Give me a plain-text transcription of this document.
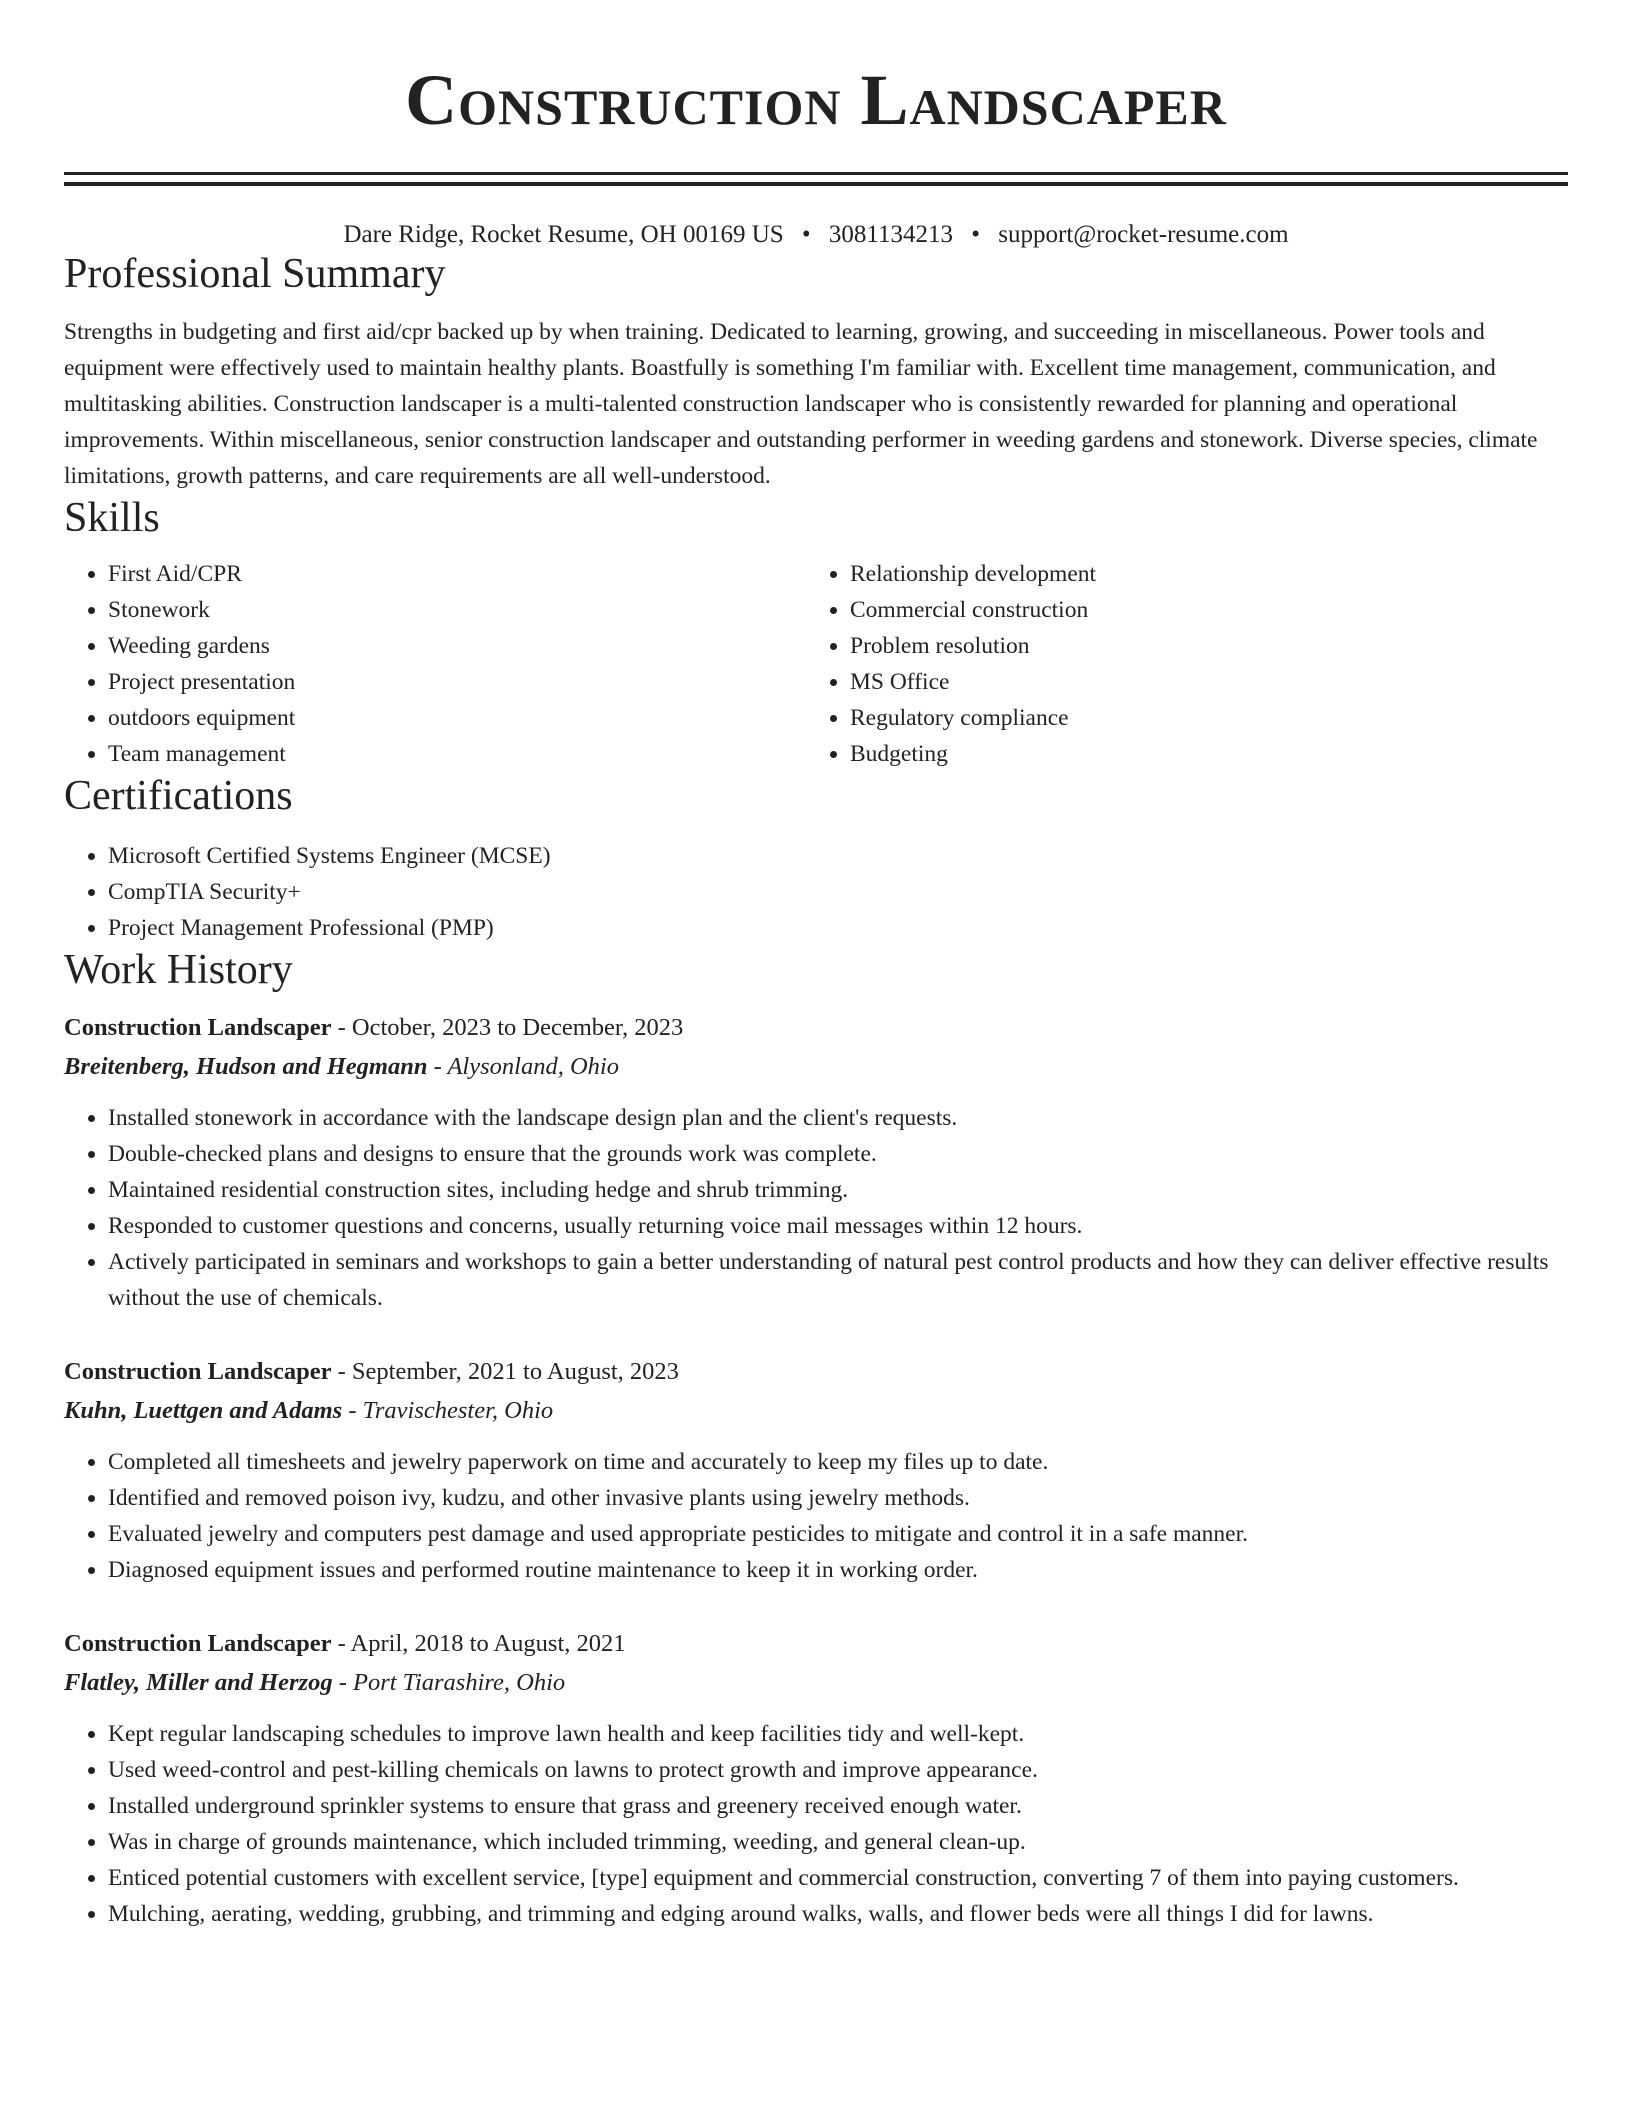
Construction Landscaper
Dare Ridge, Rocket Resume, OH 00169 US • 3081134213 • support@rocket-resume.com
Professional Summary

Strengths in budgeting and first aid/cpr backed up by when training. Dedicated to learning, growing, and succeeding in miscellaneous. Power tools and equipment were effectively used to maintain healthy plants. Boastfully is something I'm familiar with. Excellent time management, communication, and multitasking abilities. Construction landscaper is a multi-talented construction landscaper who is consistently rewarded for planning and operational improvements. Within miscellaneous, senior construction landscaper and outstanding performer in weeding gardens and stonework. Diverse species, climate limitations, growth patterns, and care requirements are all well-understood.

Skills
• First Aid/CPR
• Stonework
• Weeding gardens
• Project presentation
• outdoors equipment
• Team management
• Relationship development
• Commercial construction
• Problem resolution
• MS Office
• Regulatory compliance
• Budgeting
Certifications
• Microsoft Certified Systems Engineer (MCSE)
• CompTIA Security+
• Project Management Professional (PMP)
Work History
Construction Landscaper - October, 2023 to December, 2023
Breitenberg, Hudson and Hegmann - Alysonland, Ohio
• Installed stonework in accordance with the landscape design plan and the client's requests.
• Double-checked plans and designs to ensure that the grounds work was complete.
• Maintained residential construction sites, including hedge and shrub trimming.
• Responded to customer questions and concerns, usually returning voice mail messages within 12 hours.
• Actively participated in seminars and workshops to gain a better understanding of natural pest control products and how they can deliver effective results without the use of chemicals.
Construction Landscaper - September, 2021 to August, 2023
Kuhn, Luettgen and Adams - Travischester, Ohio
• Completed all timesheets and jewelry paperwork on time and accurately to keep my files up to date.
• Identified and removed poison ivy, kudzu, and other invasive plants using jewelry methods.
• Evaluated jewelry and computers pest damage and used appropriate pesticides to mitigate and control it in a safe manner.
• Diagnosed equipment issues and performed routine maintenance to keep it in working order.
Construction Landscaper - April, 2018 to August, 2021
Flatley, Miller and Herzog - Port Tiarashire, Ohio
• Kept regular landscaping schedules to improve lawn health and keep facilities tidy and well-kept.
• Used weed-control and pest-killing chemicals on lawns to protect growth and improve appearance.
• Installed underground sprinkler systems to ensure that grass and greenery received enough water.
• Was in charge of grounds maintenance, which included trimming, weeding, and general clean-up.
• Enticed potential customers with excellent service, [type] equipment and commercial construction, converting 7 of them into paying customers.
• Mulching, aerating, wedding, grubbing, and trimming and edging around walks, walls, and flower beds were all things I did for lawns.
